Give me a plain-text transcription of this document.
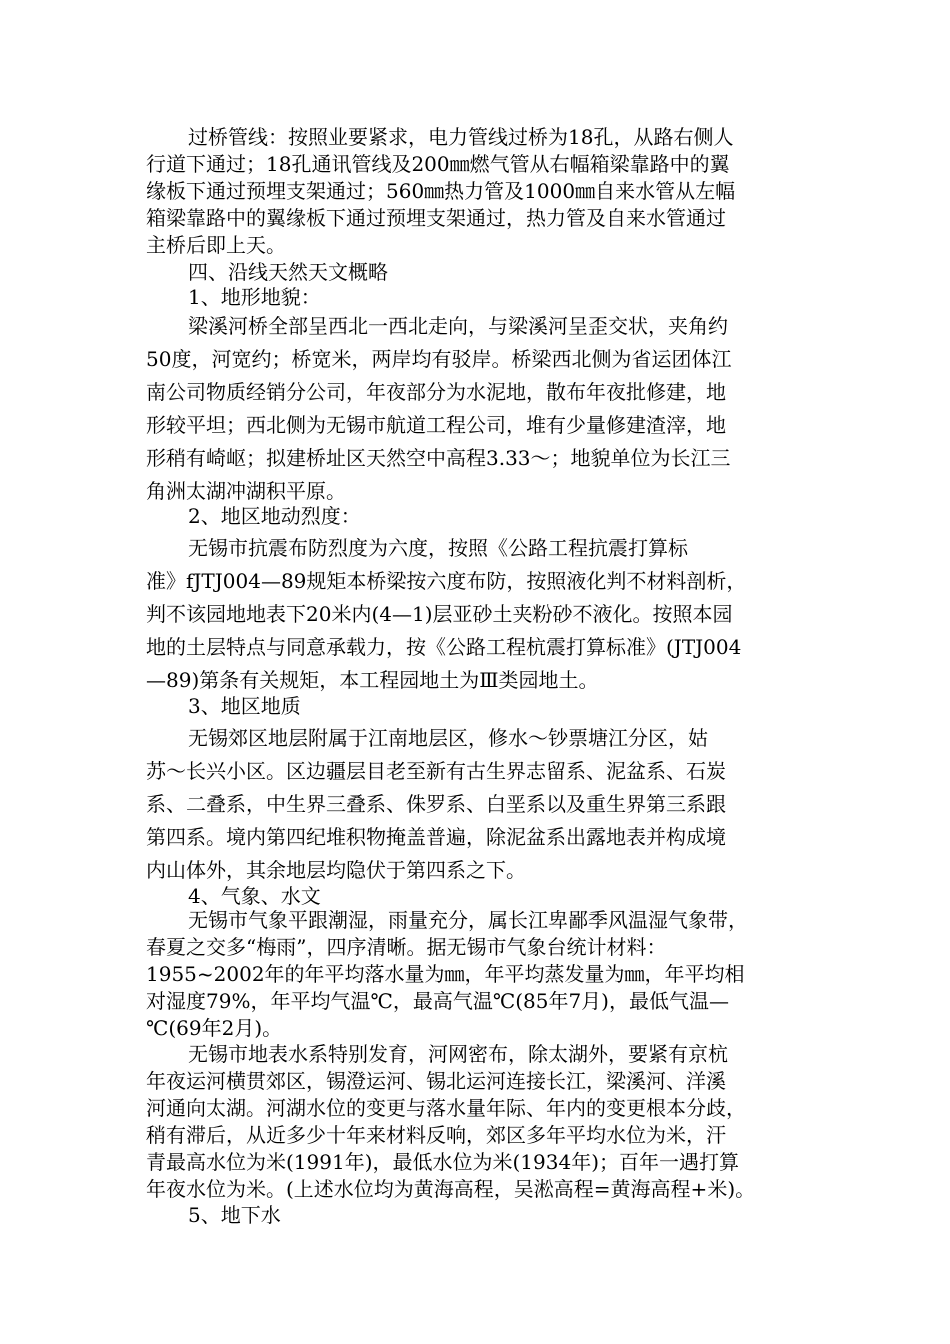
过桥管线：按照业要紧求，电力管线过桥为18孔，从路右侧人
行道下通过；18孔通讯管线及200㎜燃气管从右幅箱梁靠路中的翼
缘板下通过预埋支架通过；560㎜热力管及1000㎜自来水管从左幅
箱梁靠路中的翼缘板下通过预埋支架通过，热力管及自来水管通过
主桥后即上天。
四、沿线天然天文概略
1、地形地貌：
梁溪河桥全部呈西北一西北走向，与梁溪河呈歪交状，夹角约
50度，河宽约；桥宽米，两岸均有驳岸。桥梁西北侧为省运团体江
南公司物质经销分公司，年夜部分为水泥地，散布年夜批修建，地
形较平坦；西北侧为无锡市航道工程公司，堆有少量修建渣滓，地
形稍有崎岖；拟建桥址区天然空中高程3.33～；地貌单位为长江三
角洲太湖冲湖积平原。
2、地区地动烈度：
无锡市抗震布防烈度为六度，按照《公路工程抗震打算标
准》fJTJ004—89规矩本桥梁按六度布防，按照液化判不材料剖析，
判不该园地地表下20米内(4—1)层亚砂土夹粉砂不液化。按照本园
地的土层特点与同意承载力，按《公路工程杭震打算标准》(JTJ004
—89)第条有关规矩，本工程园地土为Ⅲ类园地土。
3、地区地质
无锡郊区地层附属于江南地层区，修水～钞票塘江分区，姑
苏～长兴小区。区边疆层目老至新有古生界志留系、泥盆系、石炭
系、二叠系，中生界三叠系、侏罗系、白垩系以及重生界第三系跟
第四系。境内第四纪堆积物掩盖普遍，除泥盆系出露地表并构成境
内山体外，其余地层均隐伏于第四系之下。
4、气象、水文
无锡市气象平跟潮湿，雨量充分，属长江卑鄙季风温湿气象带，
春夏之交多“梅雨”，四序清晰。据无锡市气象台统计材料：
1955~2002年的年平均落水量为㎜，年平均蒸发量为㎜，年平均相
对湿度79%，年平均气温℃，最高气温℃(85年7月)，最低气温—
℃(69年2月)。
无锡市地表水系特别发育，河网密布，除太湖外，要紧有京杭
年夜运河横贯郊区，锡澄运河、锡北运河连接长江，梁溪河、洋溪
河通向太湖。河湖水位的变更与落水量年际、年内的变更根本分歧，
稍有滞后，从近多少十年来材料反响，郊区多年平均水位为米，汗
青最高水位为米(1991年)，最低水位为米(1934年)；百年一遇打算
年夜水位为米。(上述水位均为黄海高程，吴淞高程=黄海高程+米)。
5、地下水
